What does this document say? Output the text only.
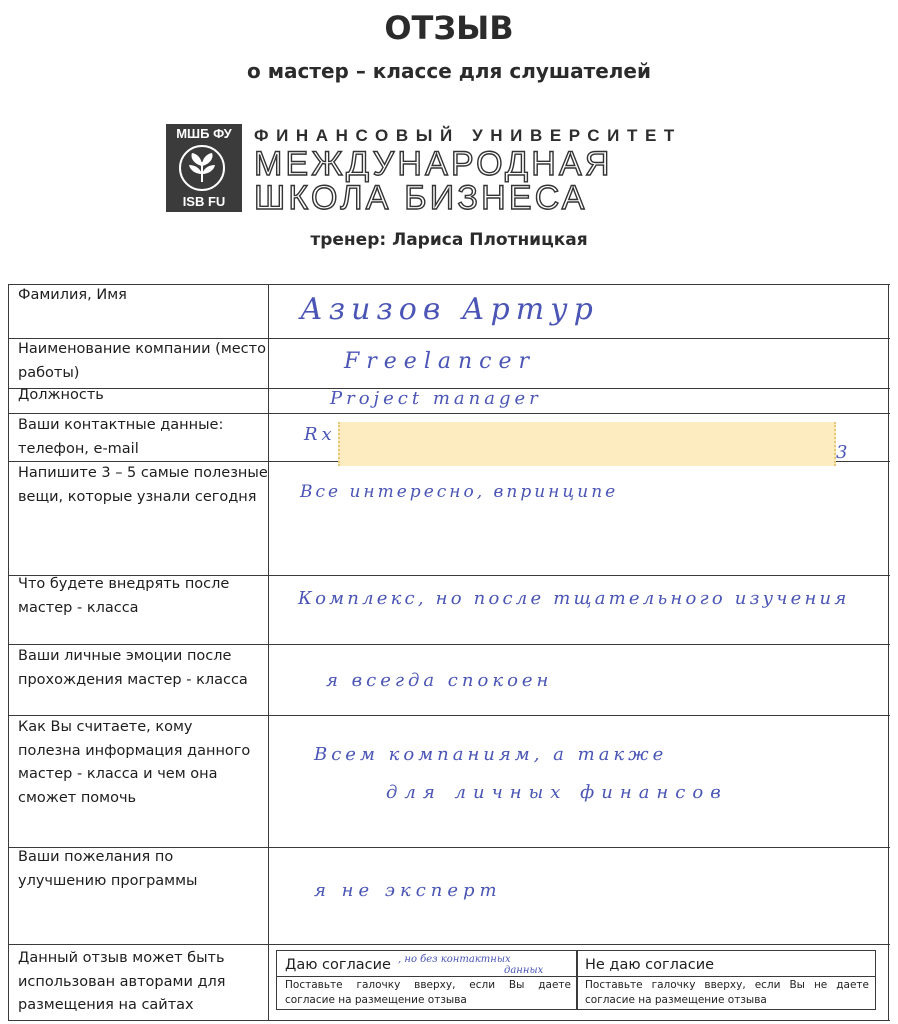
ОТЗЫВ
о мастер – классе для слушателей
МШБ ФУ
ISB FU
ФИНАНСОВЫЙ УНИВЕРСИТЕТ
МЕЖДУНАРОДНАЯ
ШКОЛА БИЗНЕСА
тренер: Лариса Плотницкая
Фамилия, Имя
Наименование компании (место работы)
Должность
Ваши контактные данные: телефон, e-mail
Напишите 3 – 5 самые полезные вещи, которые узнали сегодня
Что будете внедрять после мастер - класса
Ваши личные эмоции после прохождения мастер - класса
Как Вы считаете, кому полезна информация данного мастер - класса и чем она сможет помочь
Ваши пожелания по улучшению программы
Данный отзыв может быть использован авторами для размещения на сайтах
Азизов Артур
Freelancer
Project manager
Rx
3
Все интересно, впринципе
Комплекс, но после тщательного изучения
я всегда спокоен
Всем компаниям, а также
для личных финансов
я не эксперт
Даю согласие
Поставьте галочку вверху, если Вы даете согласие на размещение отзыва
, но без контактных
данных	Не даю согласие
Поставьте галочку вверху, если Вы не даете согласие на размещение отзыва
